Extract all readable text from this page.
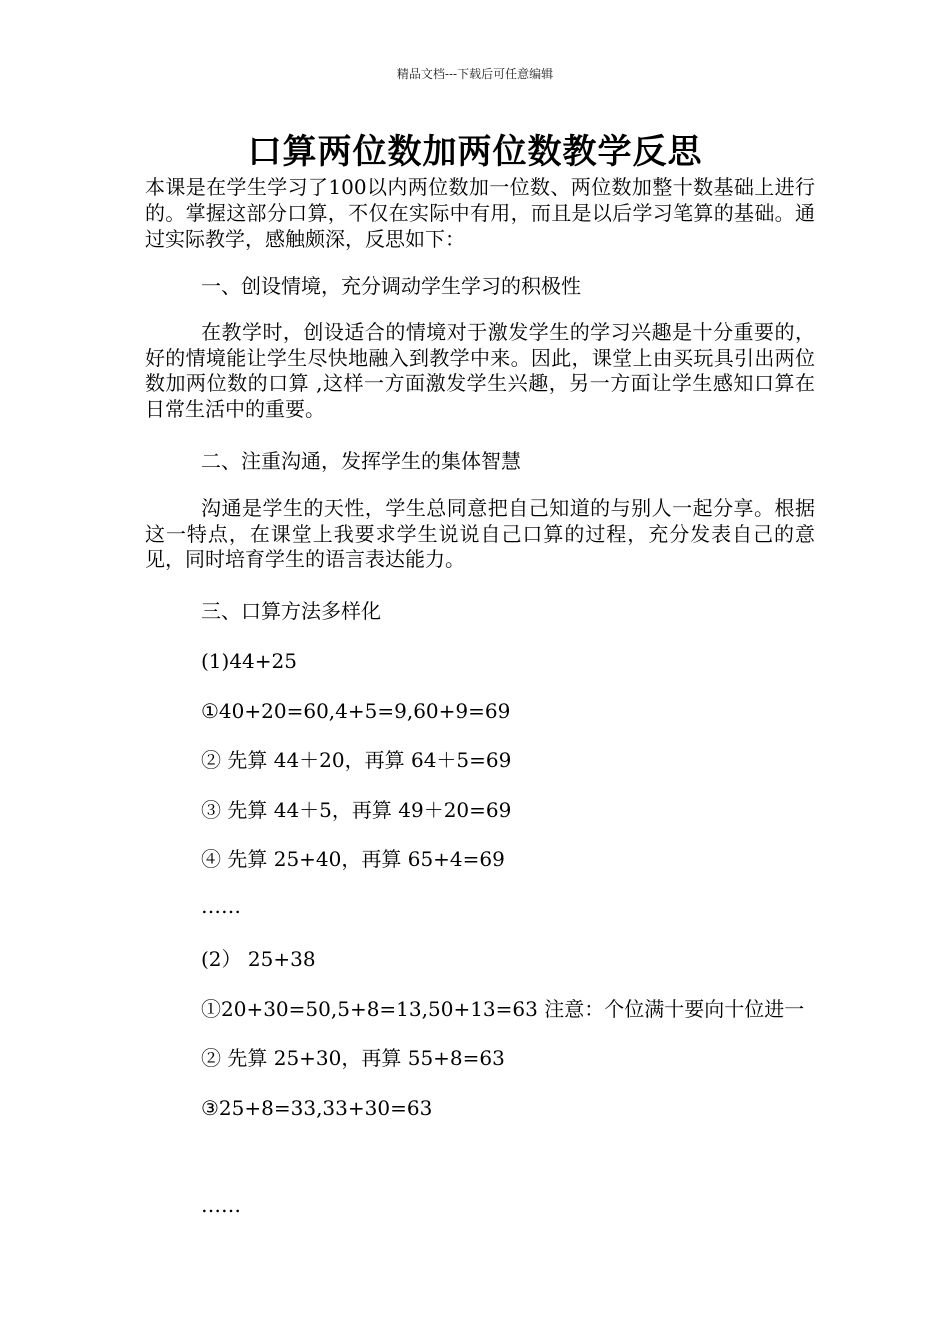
精品文档---下载后可任意编辑
口算两位数加两位数教学反思
本课是在学生学习了100以内两位数加一位数、两位数加整十数基础上进行的。掌握这部分口算，不仅在实际中有用，而且是以后学习笔算的基础。通过实际教学，感触颇深，反思如下：
一、创设情境，充分调动学生学习的积极性
在教学时，创设适合的情境对于激发学生的学习兴趣是十分重要的，好的情境能让学生尽快地融入到教学中来。因此，课堂上由买玩具引出两位数加两位数的口算 ,这样一方面激发学生兴趣，另一方面让学生感知口算在日常生活中的重要。
二、注重沟通，发挥学生的集体智慧
沟通是学生的天性，学生总同意把自己知道的与别人一起分享。根据这一特点，在课堂上我要求学生说说自己口算的过程，充分发表自己的意见，同时培育学生的语言表达能力。
三、口算方法多样化
(1)44+25
①40+20=60,4+5=9,60+9=69
② 先算 44＋20，再算 64＋5=69
③ 先算 44＋5，再算 49＋20=69
④ 先算 25+40，再算 65+4=69
……
(2） 25+38
①20+30=50,5+8=13,50+13=63 注意：个位满十要向十位进一
② 先算 25+30，再算 55+8=63
③25+8=33,33+30=63
……
